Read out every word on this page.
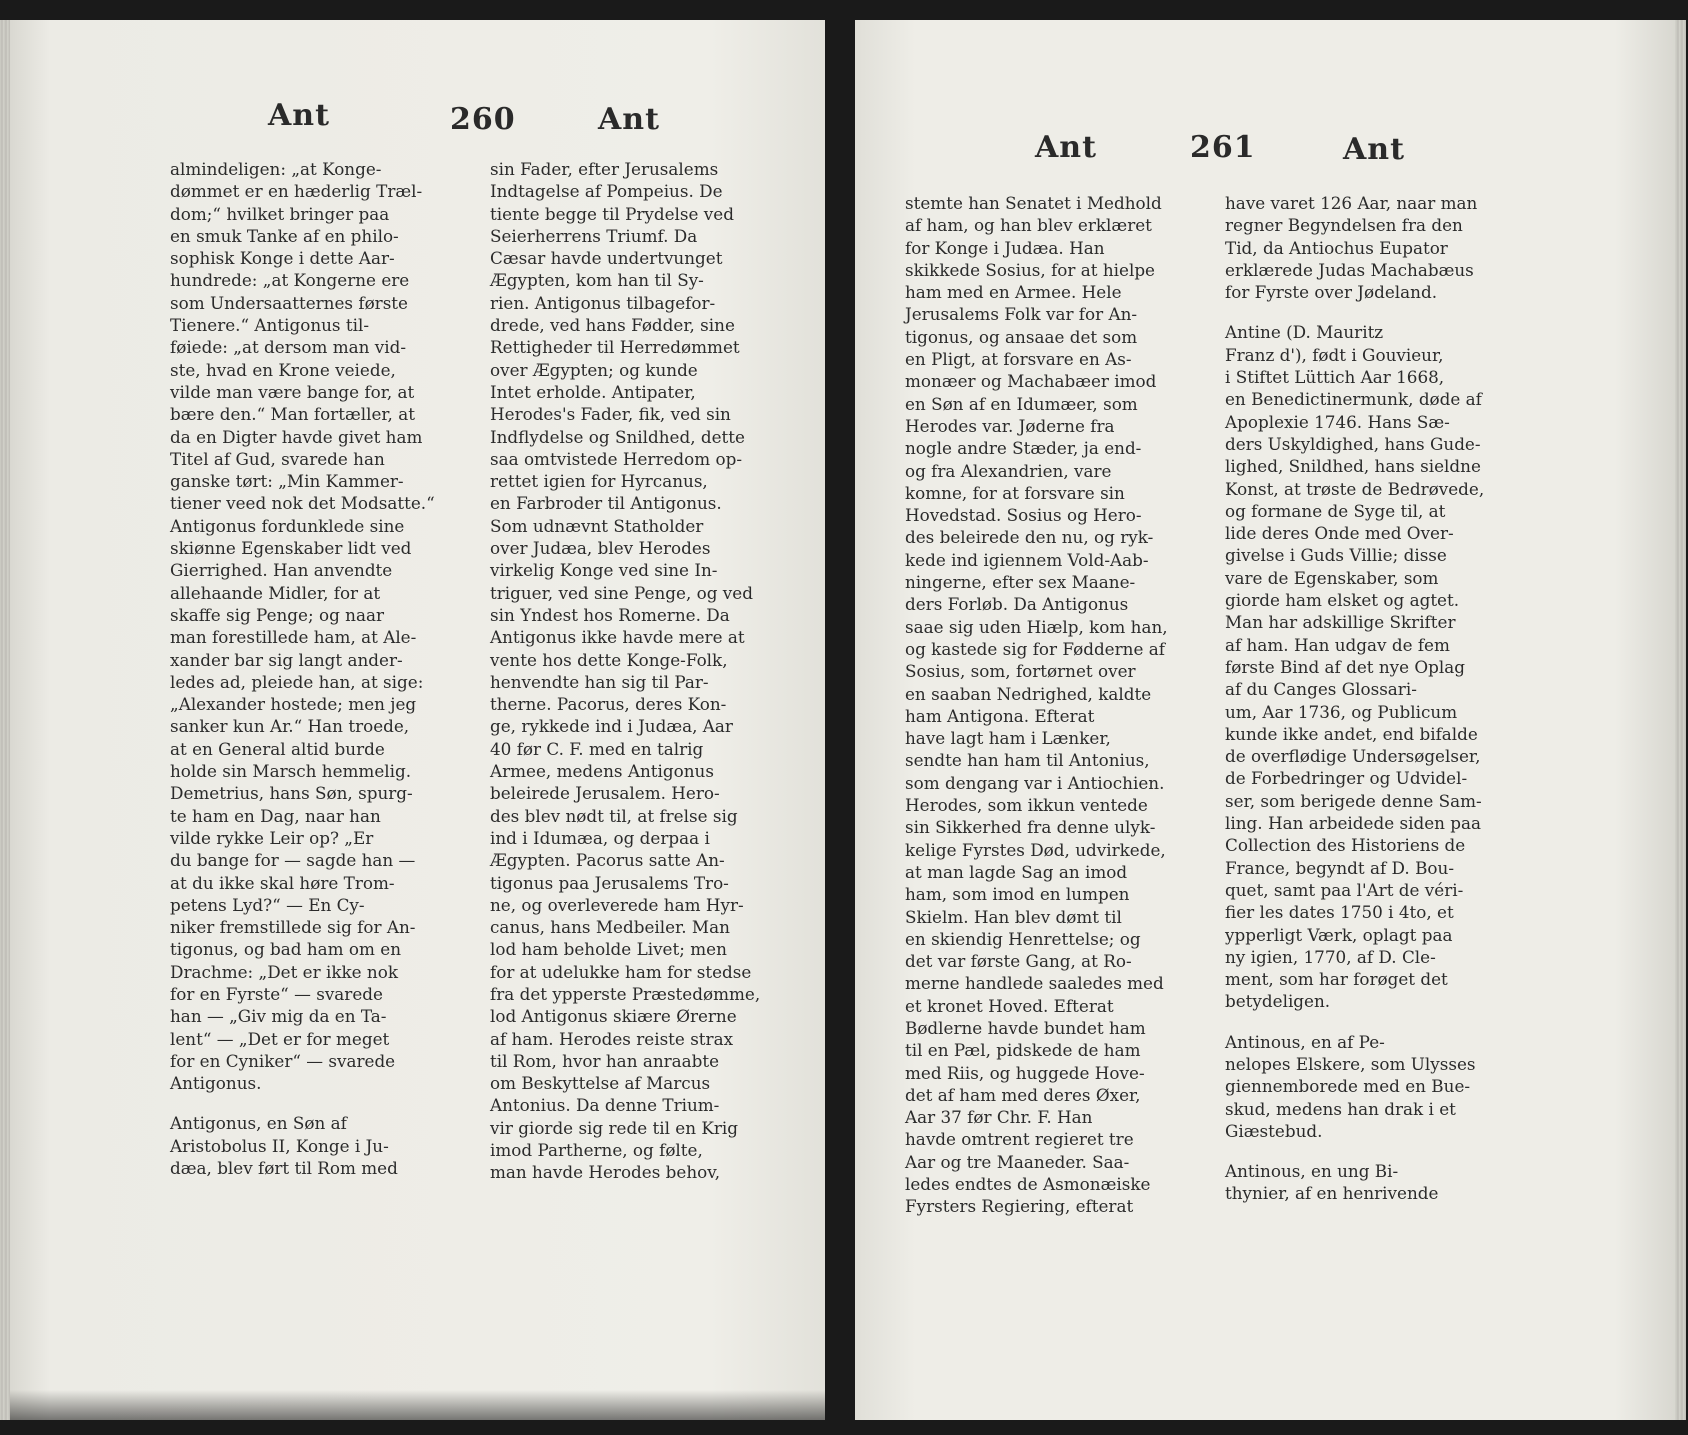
Ant	260	Ant

almindeligen: „at Konge-
dømmet er en hæderlig Træl-
dom;“ hvilket bringer paa
en smuk Tanke af en philo-
sophisk Konge i dette Aar-
hundrede: „at Kongerne ere
som Undersaatternes første
Tienere.“ Antigonus til-
føiede: „at dersom man vid-
ste, hvad en Krone veiede,
vilde man være bange for, at
bære den.“ Man fortæller, at
da en Digter havde givet ham
Titel af Gud, svarede han
ganske tørt: „Min Kammer-
tiener veed nok det Modsatte.“
Antigonus fordunklede sine
skiønne Egenskaber lidt ved
Gierrighed. Han anvendte
allehaande Midler, for at
skaffe sig Penge; og naar
man forestillede ham, at Ale-
xander bar sig langt ander-
ledes ad, pleiede han, at sige:
„Alexander hostede; men jeg
sanker kun Ar.“ Han troede,
at en General altid burde
holde sin Marsch hemmelig.
Demetrius, hans Søn, spurg-
te ham en Dag, naar han
vilde rykke Leir op? „Er
du bange for — sagde han —
at du ikke skal høre Trom-
petens Lyd?“ — En Cy-
niker fremstillede sig for An-
tigonus, og bad ham om en
Drachme: „Det er ikke nok
for en Fyrste“ — svarede
han — „Giv mig da en Ta-
lent“ — „Det er for meget
for en Cyniker“ — svarede
Antigonus.

Antigonus, en Søn af
Aristobolus II, Konge i Ju-
dæa, blev ført til Rom med

sin Fader, efter Jerusalems
Indtagelse af Pompeius. De
tiente begge til Prydelse ved
Seierherrens Triumf. Da
Cæsar havde undertvunget
Ægypten, kom han til Sy-
rien. Antigonus tilbagefor-
drede, ved hans Fødder, sine
Rettigheder til Herredømmet
over Ægypten; og kunde
Intet erholde. Antipater,
Herodes's Fader, fik, ved sin
Indflydelse og Snildhed, dette
saa omtvistede Herredom op-
rettet igien for Hyrcanus,
en Farbroder til Antigonus.
Som udnævnt Statholder
over Judæa, blev Herodes
virkelig Konge ved sine In-
triguer, ved sine Penge, og ved
sin Yndest hos Romerne. Da
Antigonus ikke havde mere at
vente hos dette Konge-Folk,
henvendte han sig til Par-
therne. Pacorus, deres Kon-
ge, rykkede ind i Judæa, Aar
40 før C. F. med en talrig
Armee, medens Antigonus
beleirede Jerusalem. Hero-
des blev nødt til, at frelse sig
ind i Idumæa, og derpaa i
Ægypten. Pacorus satte An-
tigonus paa Jerusalems Tro-
ne, og overleverede ham Hyr-
canus, hans Medbeiler. Man
lod ham beholde Livet; men
for at udelukke ham for stedse
fra det ypperste Præstedømme,
lod Antigonus skiære Ørerne
af ham. Herodes reiste strax
til Rom, hvor han anraabte
om Beskyttelse af Marcus
Antonius. Da denne Trium-
vir giorde sig rede til en Krig
imod Partherne, og følte,
man havde Herodes behov,

Ant	261	Ant

stemte han Senatet i Medhold
af ham, og han blev erklæret
for Konge i Judæa. Han
skikkede Sosius, for at hielpe
ham med en Armee. Hele
Jerusalems Folk var for An-
tigonus, og ansaae det som
en Pligt, at forsvare en As-
monæer og Machabæer imod
en Søn af en Idumæer, som
Herodes var. Jøderne fra
nogle andre Stæder, ja end-
og fra Alexandrien, vare
komne, for at forsvare sin
Hovedstad. Sosius og Hero-
des beleirede den nu, og ryk-
kede ind igiennem Vold-Aab-
ningerne, efter sex Maane-
ders Forløb. Da Antigonus
saae sig uden Hiælp, kom han,
og kastede sig for Fødderne af
Sosius, som, fortørnet over
en saaban Nedrighed, kaldte
ham Antigona. Efterat
have lagt ham i Lænker,
sendte han ham til Antonius,
som dengang var i Antiochien.
Herodes, som ikkun ventede
sin Sikkerhed fra denne ulyk-
kelige Fyrstes Død, udvirkede,
at man lagde Sag an imod
ham, som imod en lumpen
Skielm. Han blev dømt til
en skiendig Henrettelse; og
det var første Gang, at Ro-
merne handlede saaledes med
et kronet Hoved. Efterat
Bødlerne havde bundet ham
til en Pæl, pidskede de ham
med Riis, og huggede Hove-
det af ham med deres Øxer,
Aar 37 før Chr. F. Han
havde omtrent regieret tre
Aar og tre Maaneder. Saa-
ledes endtes de Asmonæiske
Fyrsters Regiering, efterat

have varet 126 Aar, naar man
regner Begyndelsen fra den
Tid, da Antiochus Eupator
erklærede Judas Machabæus
for Fyrste over Jødeland.

Antine (D. Mauritz
Franz d'), født i Gouvieur,
i Stiftet Lüttich Aar 1668,
en Benedictinermunk, døde af
Apoplexie 1746. Hans Sæ-
ders Uskyldighed, hans Gude-
lighed, Snildhed, hans sieldne
Konst, at trøste de Bedrøvede,
og formane de Syge til, at
lide deres Onde med Over-
givelse i Guds Villie; disse
vare de Egenskaber, som
giorde ham elsket og agtet.
Man har adskillige Skrifter
af ham. Han udgav de fem
første Bind af det nye Oplag
af du Canges Glossari-
um, Aar 1736, og Publicum
kunde ikke andet, end bifalde
de overflødige Undersøgelser,
de Forbedringer og Udvidel-
ser, som berigede denne Sam-
ling. Han arbeidede siden paa
Collection des Historiens de
France, begyndt af D. Bou-
quet, samt paa l'Art de véri-
fier les dates 1750 i 4to, et
ypperligt Værk, oplagt paa
ny igien, 1770, af D. Cle-
ment, som har forøget det
betydeligen.

Antinous, en af Pe-
nelopes Elskere, som Ulysses
giennemborede med en Bue-
skud, medens han drak i et
Giæstebud.

Antinous, en ung Bi-
thynier, af en henrivende
